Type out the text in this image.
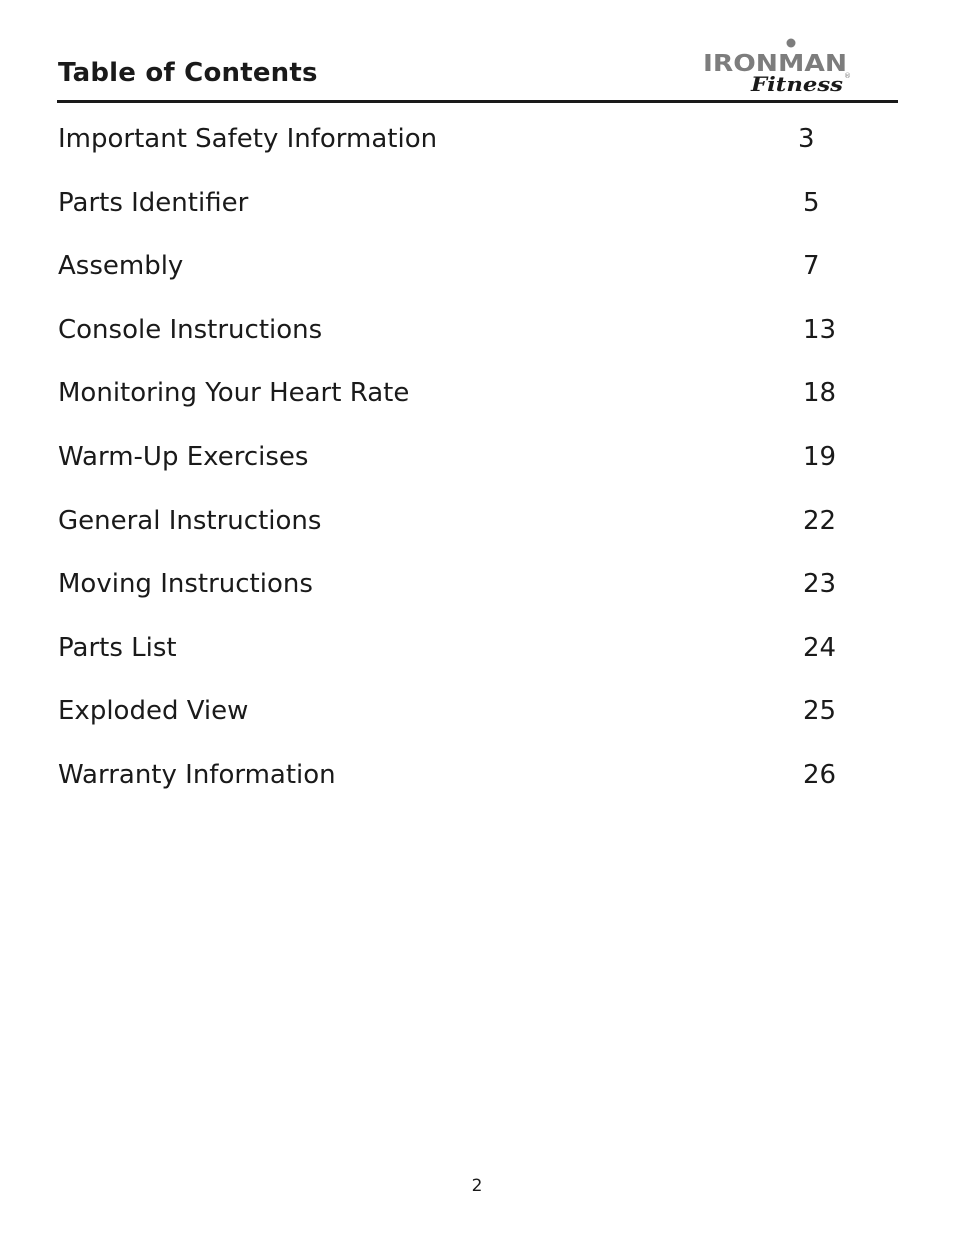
Table of Contents	IRONMAN
Fitness ®
Important Safety Information	3
Parts Identifier	5
Assembly	7
Console Instructions	13
Monitoring Your Heart Rate	18
Warm-Up Exercises	19
General Instructions	22
Moving Instructions	23
Parts List	24
Exploded View	25
Warranty Information	26
2
